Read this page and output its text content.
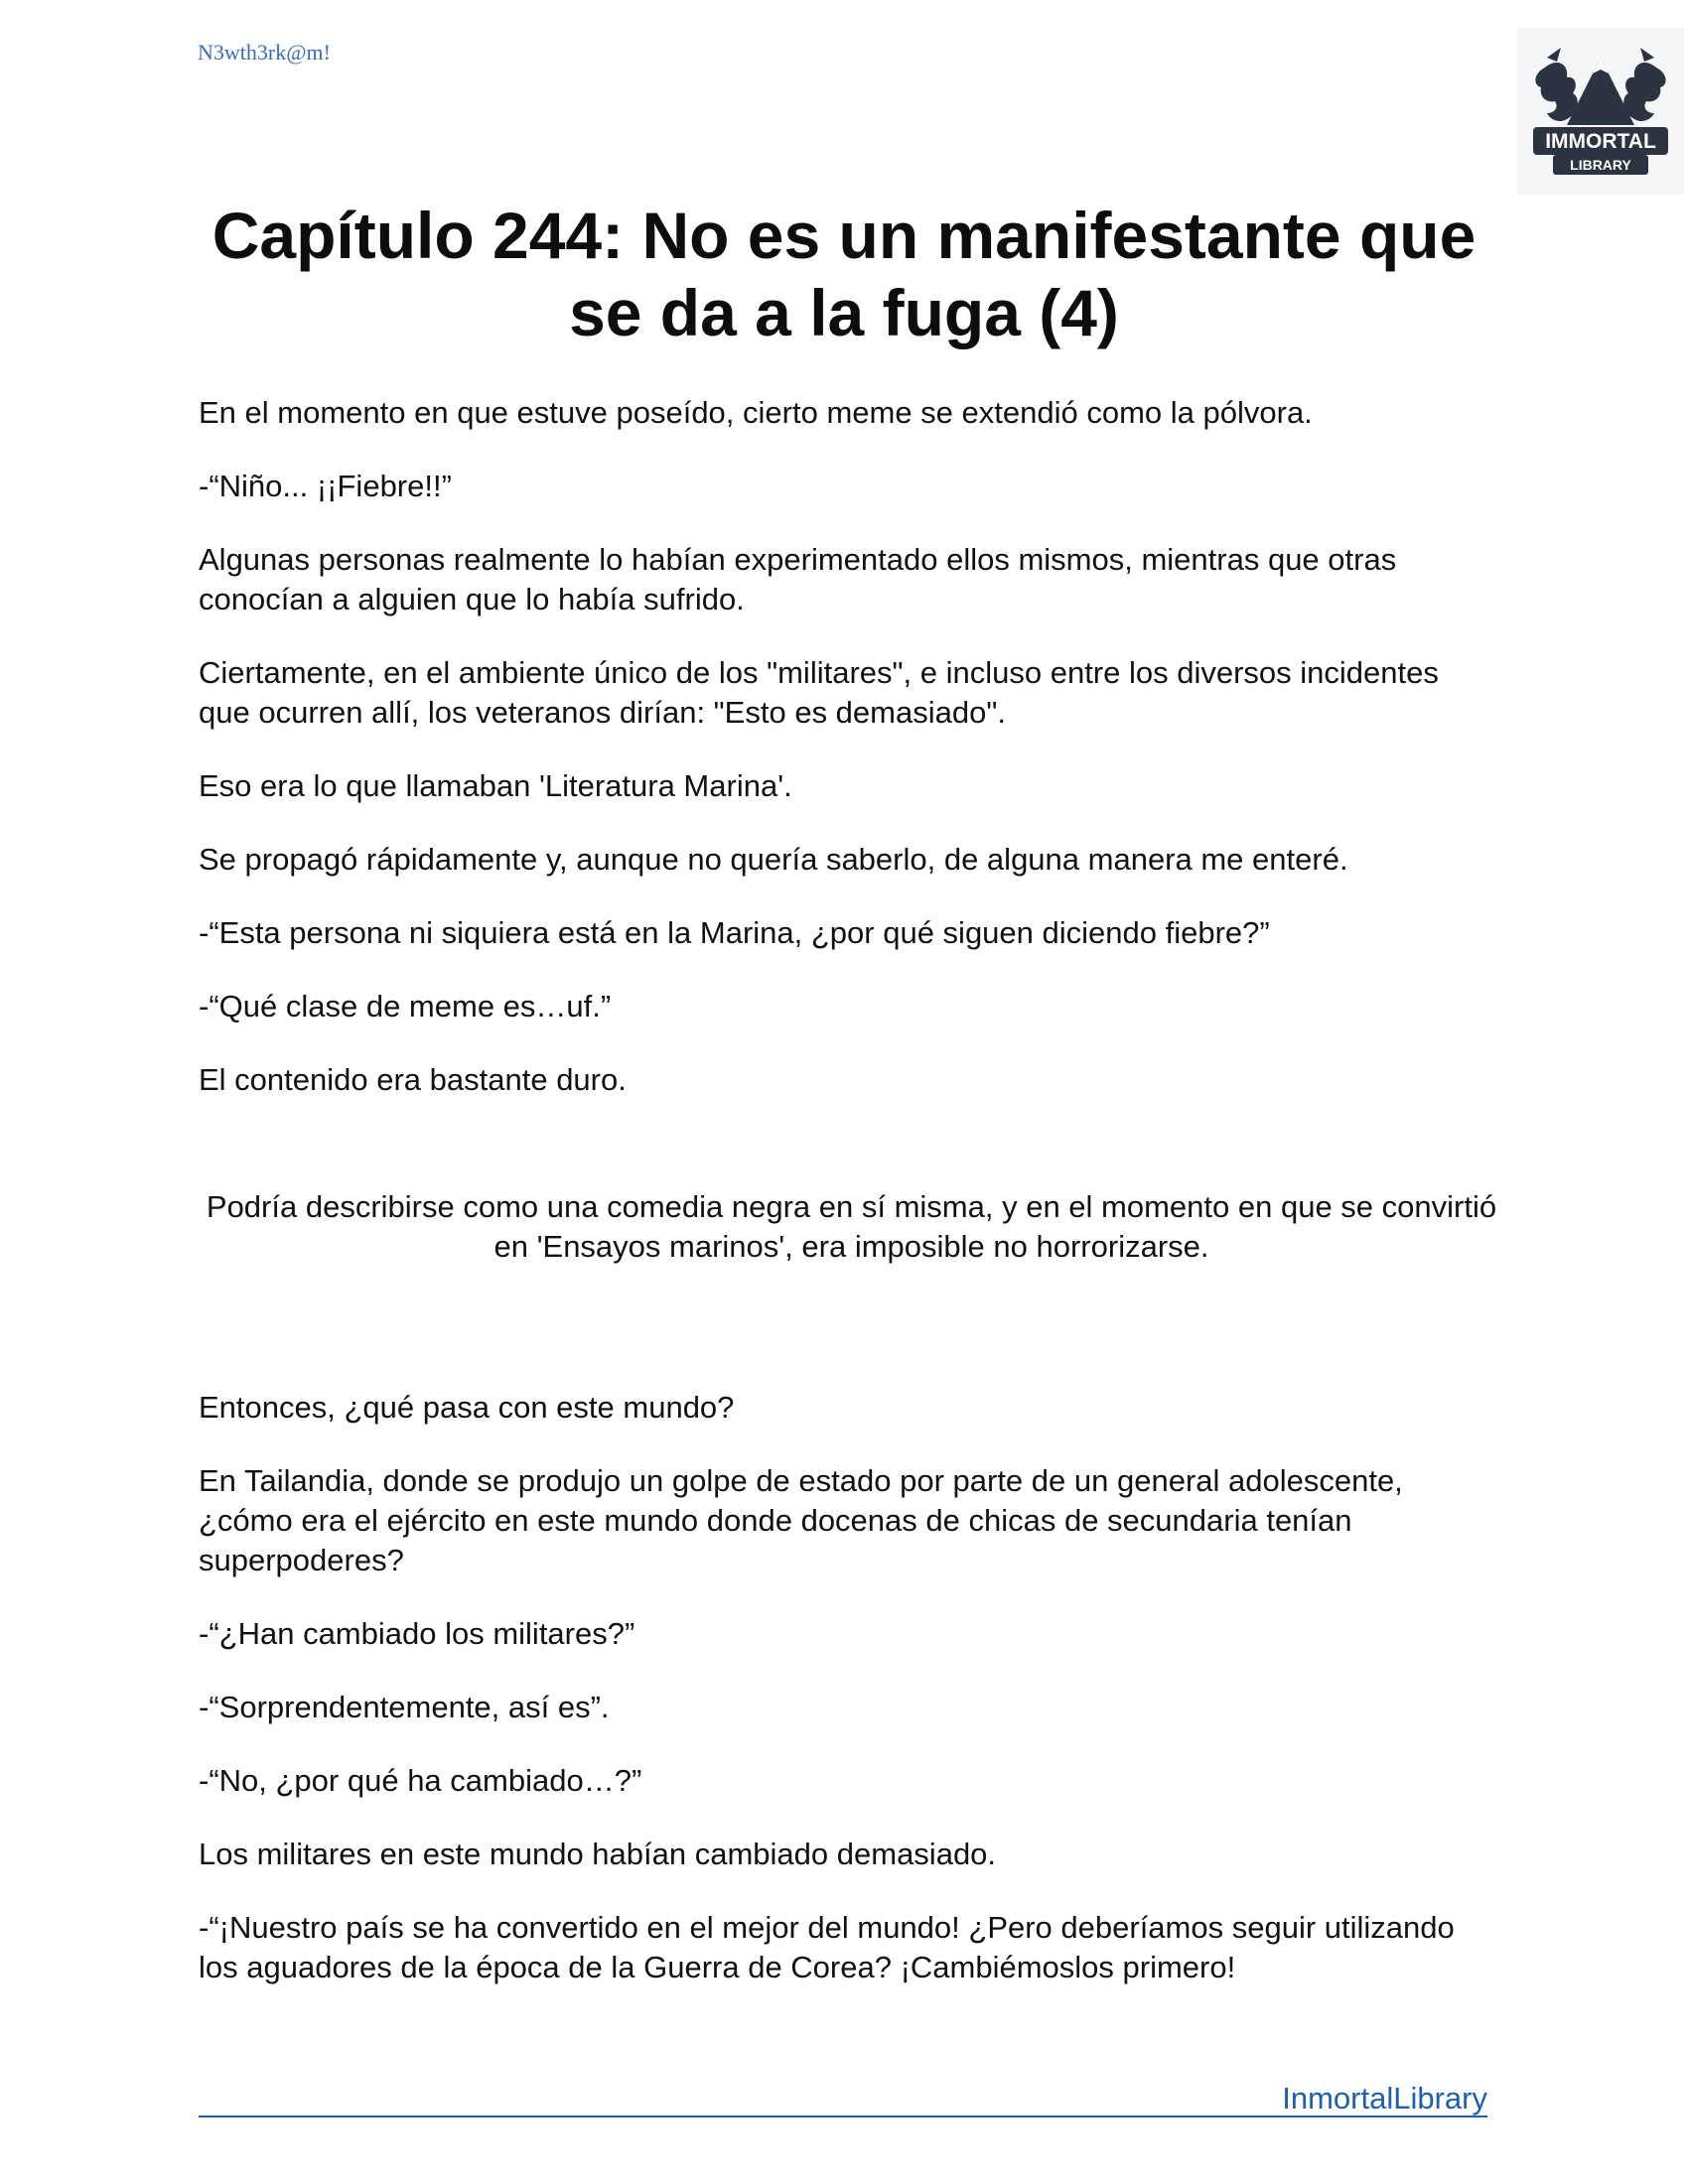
N3wth3rk@m!
IMMORTAL
LIBRARY
Capítulo 244: No es un manifestante que se da a la fuga (4)

En el momento en que estuve poseído, cierto meme se extendió como la pólvora.

-“Niño... ¡¡Fiebre!!”

Algunas personas realmente lo habían experimentado ellos mismos, mientras que otras conocían a alguien que lo había sufrido.

Ciertamente, en el ambiente único de los "militares", e incluso entre los diversos incidentes que ocurren allí, los veteranos dirían: "Esto es demasiado".

Eso era lo que llamaban 'Literatura Marina'.

Se propagó rápidamente y, aunque no quería saberlo, de alguna manera me enteré.

-“Esta persona ni siquiera está en la Marina, ¿por qué siguen diciendo fiebre?”

-“Qué clase de meme es…uf.”

El contenido era bastante duro.

Podría describirse como una comedia negra en sí misma, y en el momento en que se convirtió en 'Ensayos marinos', era imposible no horrorizarse.

Entonces, ¿qué pasa con este mundo?

En Tailandia, donde se produjo un golpe de estado por parte de un general adolescente, ¿cómo era el ejército en este mundo donde docenas de chicas de secundaria tenían superpoderes?

-“¿Han cambiado los militares?”

-“Sorprendentemente, así es”.

-“No, ¿por qué ha cambiado…?”

Los militares en este mundo habían cambiado demasiado.

-“¡Nuestro país se ha convertido en el mejor del mundo! ¿Pero deberíamos seguir utilizando los aguadores de la época de la Guerra de Corea? ¡Cambiémoslos primero!

InmortalLibrary
